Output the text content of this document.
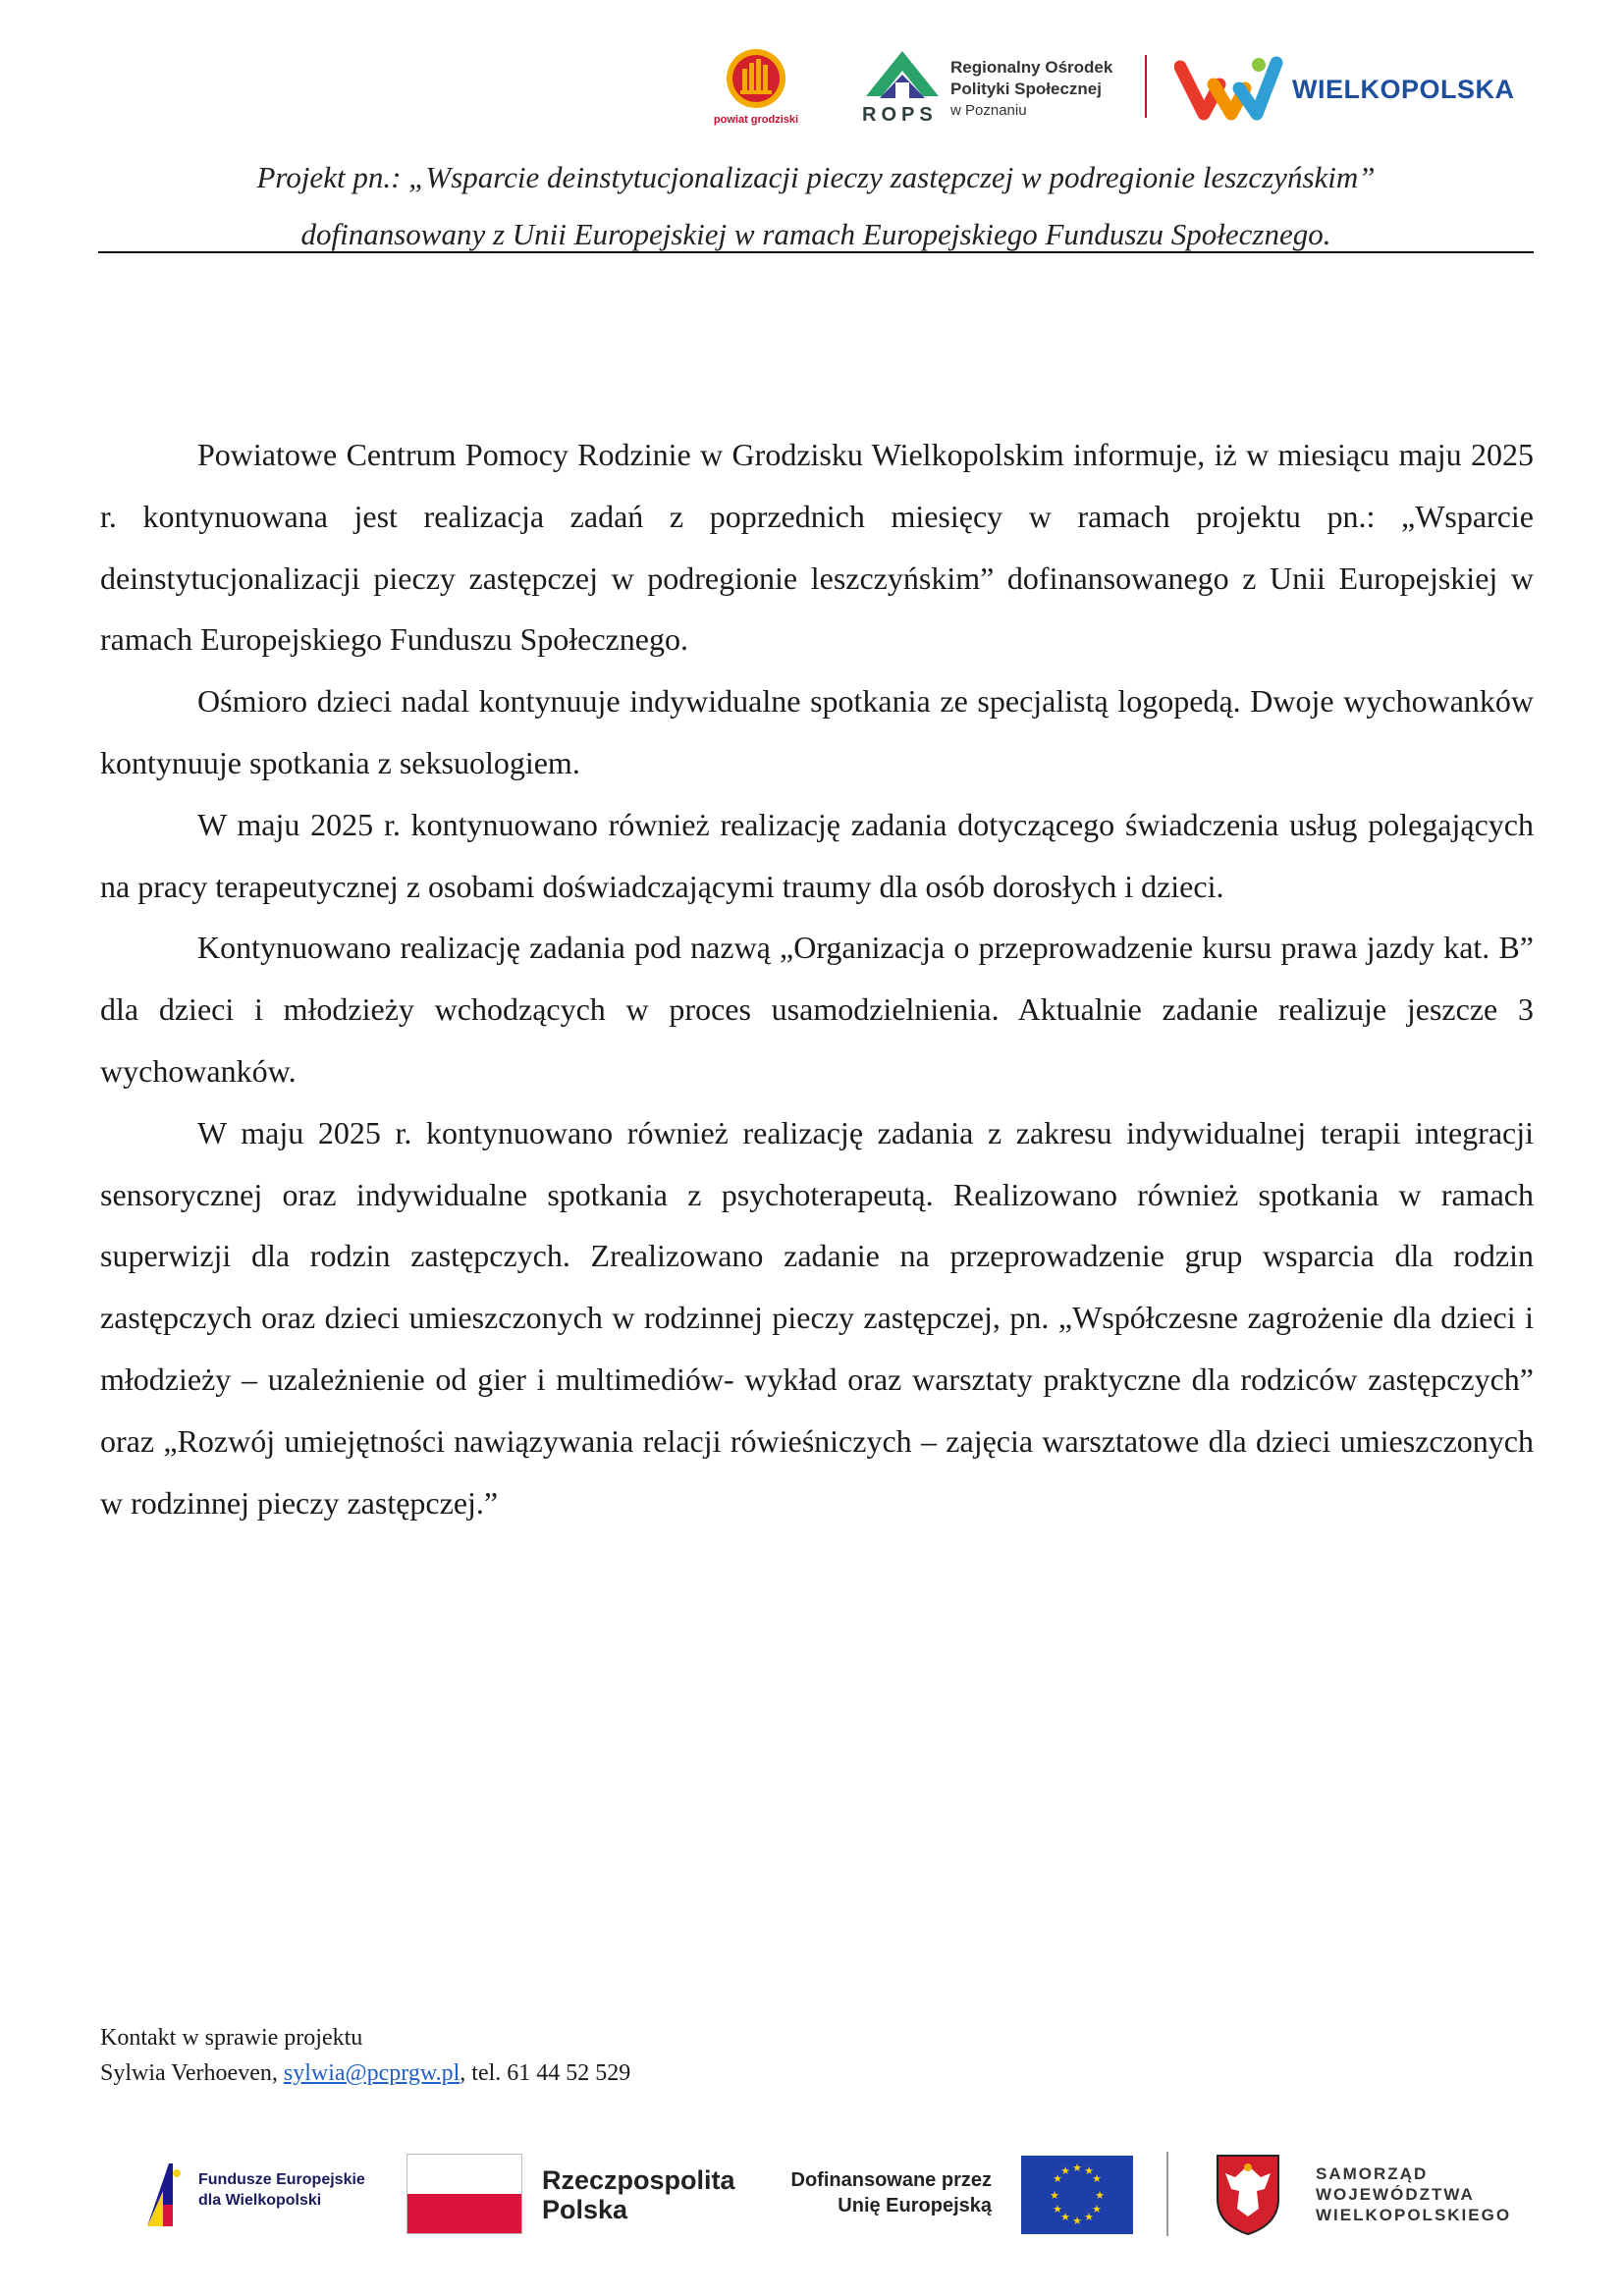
powiat grodziski	ROPS
Regionalny Ośrodek
Polityki Społecznej
w Poznaniu
WIELKOPOLSKA
Projekt pn.: „Wsparcie deinstytucjonalizacji pieczy zastępczej w podregionie leszczyńskim”
dofinansowany z Unii Europejskiej w ramach Europejskiego Funduszu Społecznego.

Powiatowe Centrum Pomocy Rodzinie w Grodzisku Wielkopolskim informuje, iż w miesiącu maju 2025 r. kontynuowana jest realizacja zadań z poprzednich miesięcy w ramach projektu pn.: „Wsparcie deinstytucjonalizacji pieczy zastępczej w podregionie leszczyńskim” dofinansowanego z Unii Europejskiej w ramach Europejskiego Funduszu Społecznego.

Ośmioro dzieci nadal kontynuuje indywidualne spotkania ze specjalistą logopedą. Dwoje wychowanków kontynuuje spotkania z seksuologiem.

W maju 2025 r. kontynuowano również realizację zadania dotyczącego świadczenia usług polegających na pracy terapeutycznej z osobami doświadczającymi traumy dla osób dorosłych i dzieci.

Kontynuowano realizację zadania pod nazwą „Organizacja o przeprowadzenie kursu prawa jazdy kat. B” dla dzieci i młodzieży wchodzących w proces usamodzielnienia. Aktualnie zadanie realizuje jeszcze 3 wychowanków.

W maju 2025 r. kontynuowano również realizację zadania z zakresu indywidualnej terapii integracji sensorycznej oraz indywidualne spotkania z psychoterapeutą. Realizowano również spotkania w ramach superwizji dla rodzin zastępczych. Zrealizowano zadanie na przeprowadzenie grup wsparcia dla rodzin zastępczych oraz dzieci umieszczonych w rodzinnej pieczy zastępczej, pn. „Współczesne zagrożenie dla dzieci i młodzieży – uzależnienie od gier i multimediów- wykład oraz warsztaty praktyczne dla rodziców zastępczych” oraz „Rozwój umiejętności nawiązywania relacji rówieśniczych – zajęcia warsztatowe dla dzieci umieszczonych w rodzinnej pieczy zastępczej.”

Kontakt w sprawie projektu
Sylwia Verhoeven, sylwia@pcprgw.pl, tel. 61 44 52 529
Fundusze Europejskie
dla Wielkopolski
Rzeczpospolita
Polska
Dofinansowane przez
Unię Europejską
★ ★
★
★
★
★
★
★
★
★
★
★	SAMORZĄD
WOJEWÓDZTWA
WIELKOPOLSKIEGO
